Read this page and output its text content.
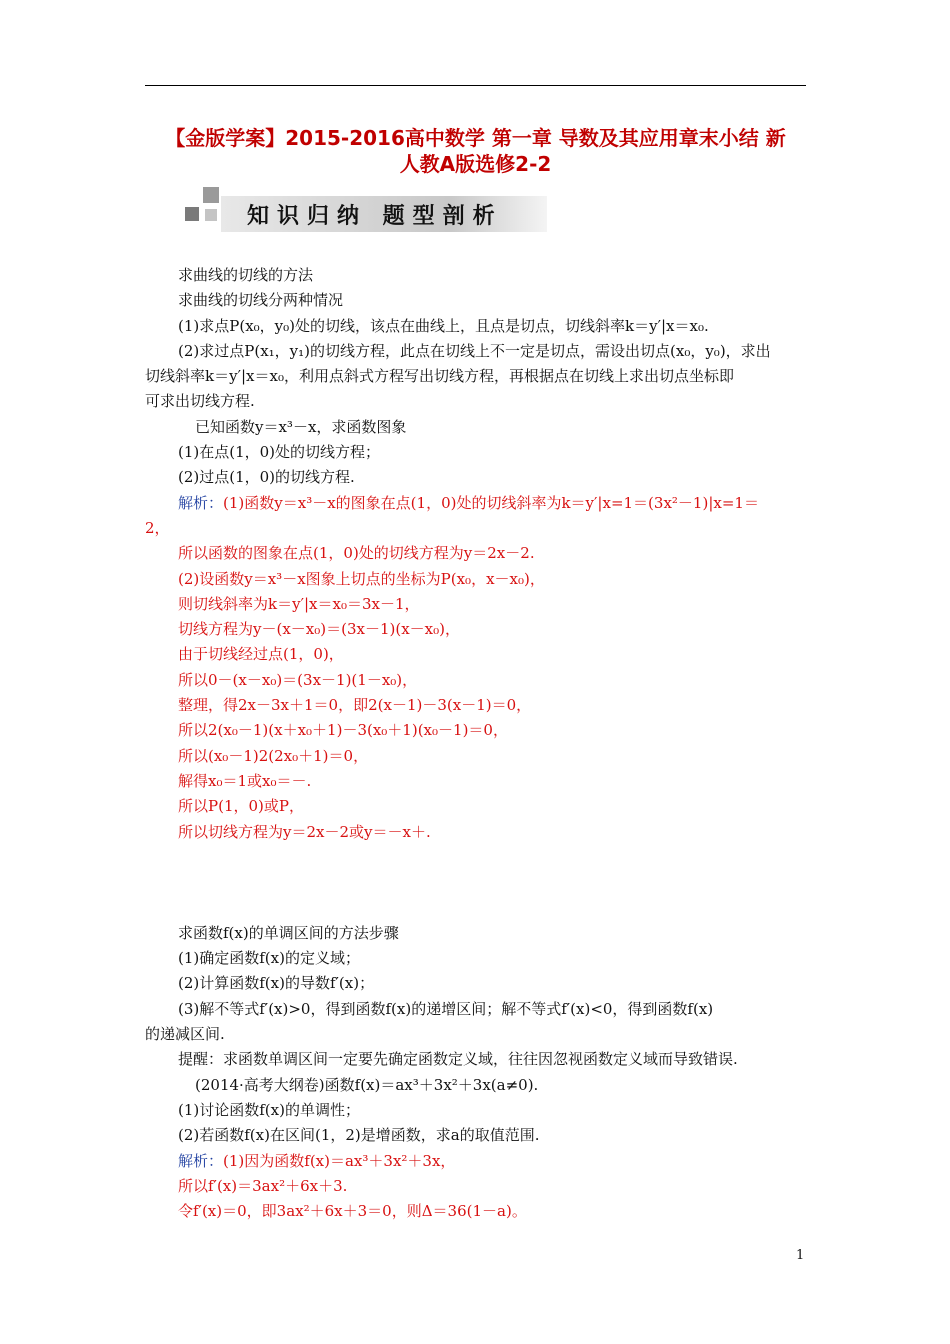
【金版学案】2015-2016高中数学 第一章 导数及其应用章末小结 新
人教A版选修2-2
知识归纳 题型剖析
求曲线的切线的方法
求曲线的切线分两种情况
(1)求点P(x₀，y₀)处的切线，该点在曲线上，且点是切点，切线斜率k＝y′|x＝x₀.
(2)求过点P(x₁，y₁)的切线方程，此点在切线上不一定是切点，需设出切点(x₀，y₀)，求出
切线斜率k＝y′|x＝x₀，利用点斜式方程写出切线方程，再根据点在切线上求出切点坐标即
可求出切线方程.
已知函数y＝x³－x，求函数图象
(1)在点(1，0)处的切线方程；
(2)过点(1，0)的切线方程.
解析：(1)函数y＝x³－x的图象在点(1，0)处的切线斜率为k＝y′|x=1＝(3x²－1)|x=1＝
2，
所以函数的图象在点(1，0)处的切线方程为y＝2x－2.
(2)设函数y＝x³－x图象上切点的坐标为P(x₀，x－x₀)，
则切线斜率为k＝y′|x＝x₀＝3x－1，
切线方程为y－(x－x₀)＝(3x－1)(x－x₀)，
由于切线经过点(1，0)，
所以0－(x－x₀)＝(3x－1)(1－x₀)，
整理，得2x－3x＋1＝0，即2(x－1)－3(x－1)＝0，
所以2(x₀－1)(x＋x₀＋1)－3(x₀＋1)(x₀－1)＝0，
所以(x₀－1)2(2x₀＋1)＝0，
解得x₀＝1或x₀＝－.
所以P(1，0)或P，
所以切线方程为y＝2x－2或y＝－x＋.
求函数f(x)的单调区间的方法步骤
(1)确定函数f(x)的定义域；
(2)计算函数f(x)的导数f′(x)；
(3)解不等式f′(x)>0，得到函数f(x)的递增区间；解不等式f′(x)<0，得到函数f(x)
的递减区间.
提醒：求函数单调区间一定要先确定函数定义域，往往因忽视函数定义域而导致错误.
(2014·高考大纲卷)函数f(x)＝ax³＋3x²＋3x(a≠0).
(1)讨论函数f(x)的单调性；
(2)若函数f(x)在区间(1，2)是增函数，求a的取值范围.
解析：(1)因为函数f(x)＝ax³＋3x²＋3x，
所以f′(x)＝3ax²＋6x＋3.
令f′(x)＝0，即3ax²＋6x＋3＝0，则Δ＝36(1－a)。
1
